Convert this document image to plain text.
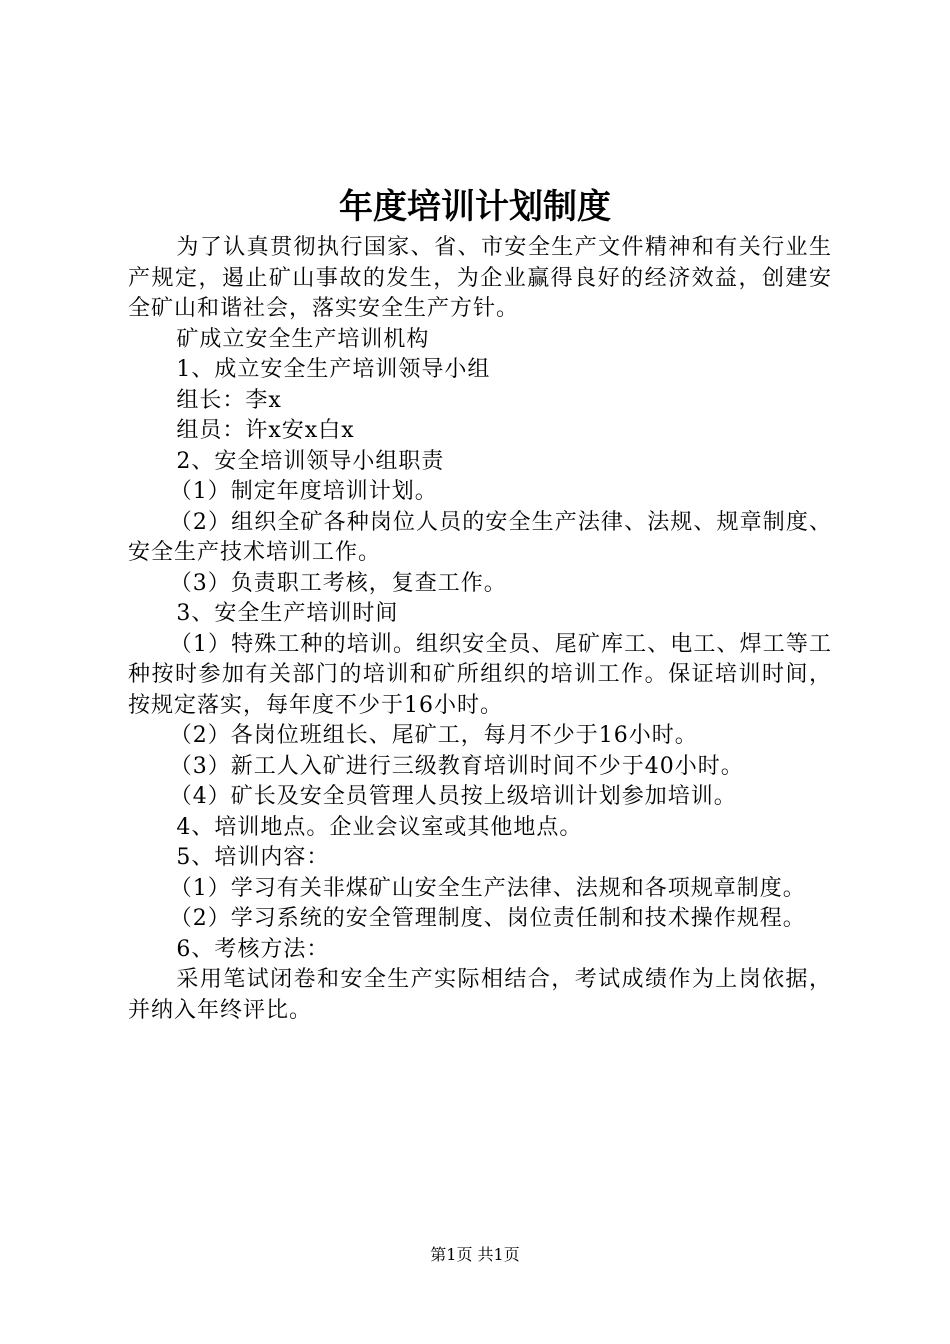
年度培训计划制度

为了认真贯彻执行国家、省、市安全生产文件精神和有关行业生产规定，遏止矿山事故的发生，为企业赢得良好的经济效益，创建安全矿山和谐社会，落实安全生产方针。

矿成立安全生产培训机构

1、成立安全生产培训领导小组

组长：李x

组员：许x安x白x

2、安全培训领导小组职责

（1）制定年度培训计划。

（2）组织全矿各种岗位人员的安全生产法律、法规、规章制度、安全生产技术培训工作。

（3）负责职工考核，复查工作。

3、安全生产培训时间

（1）特殊工种的培训。组织安全员、尾矿库工、电工、焊工等工种按时参加有关部门的培训和矿所组织的培训工作。保证培训时间，按规定落实，每年度不少于16小时。

（2）各岗位班组长、尾矿工，每月不少于16小时。

（3）新工人入矿进行三级教育培训时间不少于40小时。

（4）矿长及安全员管理人员按上级培训计划参加培训。

4、培训地点。企业会议室或其他地点。

5、培训内容：

（1）学习有关非煤矿山安全生产法律、法规和各项规章制度。

（2）学习系统的安全管理制度、岗位责任制和技术操作规程。

6、考核方法：

采用笔试闭卷和安全生产实际相结合，考试成绩作为上岗依据，并纳入年终评比。

第1页 共1页
